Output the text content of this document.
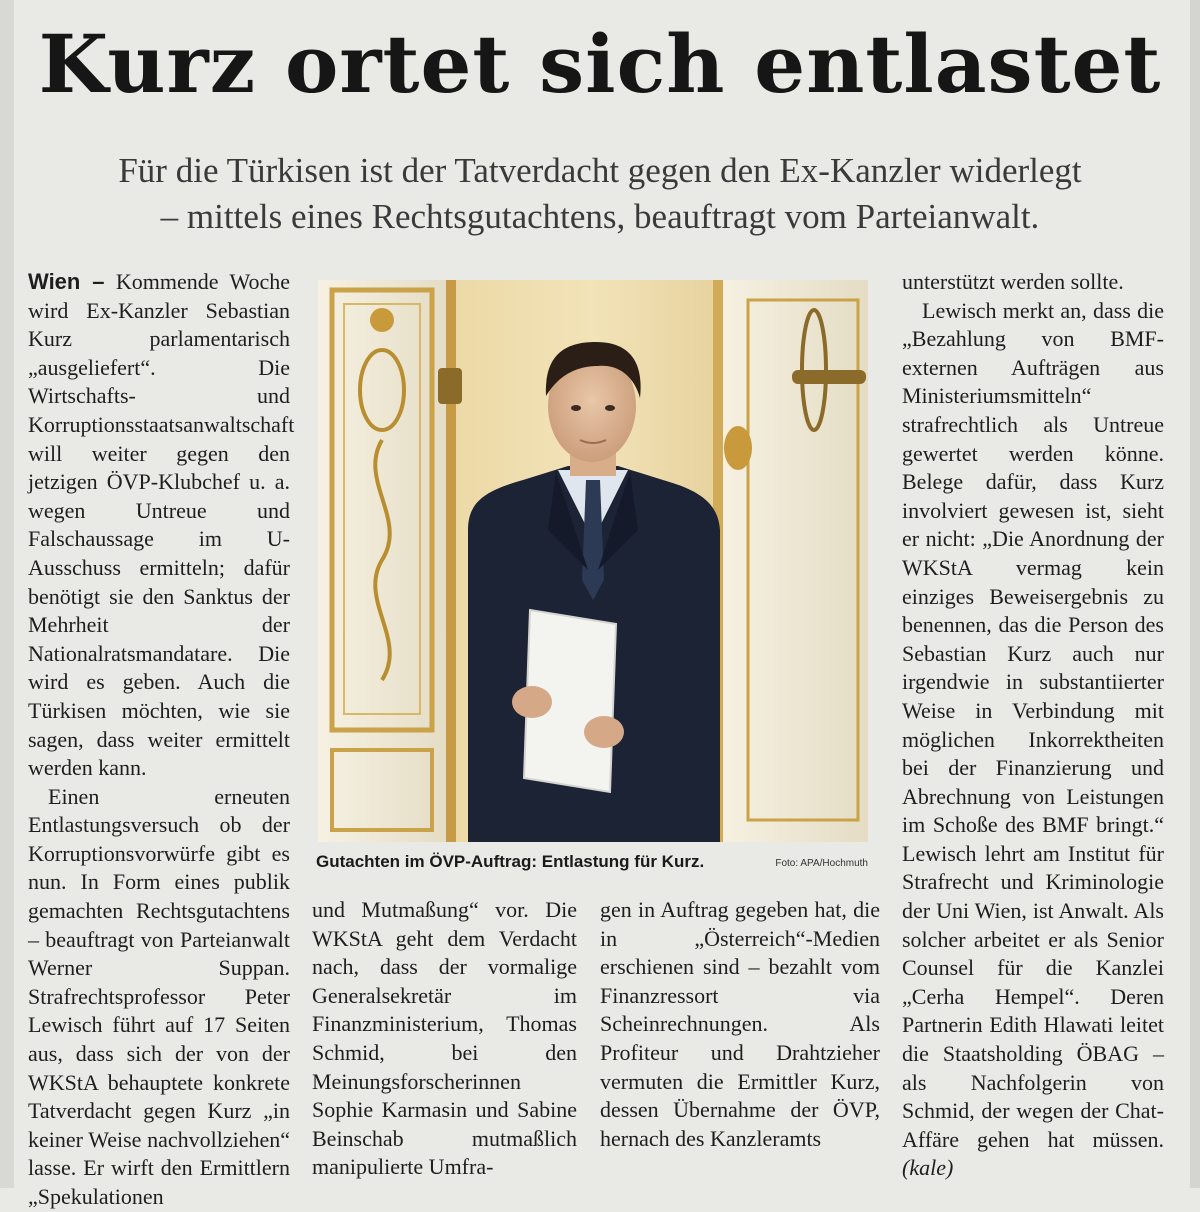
Kurz ortet sich entlastet
Für die Türkisen ist der Tatverdacht gegen den Ex-Kanzler widerlegt
– mittels eines Rechtsgutachtens, beauftragt vom Parteianwalt.

Wien – Kommende Woche wird Ex-Kanzler Sebastian Kurz parlamentarisch „ausgeliefert“. Die Wirtschafts- und Korruptionsstaatsanwaltschaft will weiter gegen den jetzigen ÖVP-Klubchef u. a. wegen Untreue und Falschaussage im U-Ausschuss ermitteln; dafür benötigt sie den Sanktus der Mehrheit der Nationalratsmandatare. Die wird es geben. Auch die Türkisen möchten, wie sie sagen, dass weiter ermittelt werden kann.

Einen erneuten Entlastungsversuch ob der Korruptionsvorwürfe gibt es nun. In Form eines publik gemachten Rechtsgutachtens – beauftragt von Parteianwalt Werner Suppan. Strafrechtsprofessor Peter Lewisch führt auf 17 Seiten aus, dass sich der von der WKStA behauptete konkrete Tatverdacht gegen Kurz „in keiner Weise nachvollziehen“ lasse. Er wirft den Ermittlern „Spekulationen

Gutachten im ÖVP-Auftrag: Entlastung für Kurz.	Foto: APA/Hochmuth

und Mutmaßung“ vor. Die WKStA geht dem Verdacht nach, dass der vormalige Generalsekretär im Finanzministerium, Thomas Schmid, bei den Meinungsforscherinnen Sophie Karmasin und Sabine Beinschab mutmaßlich manipulierte Umfra-

gen in Auftrag gegeben hat, die in „Österreich“-Medien erschienen sind – bezahlt vom Finanzressort via Scheinrechnungen. Als Profiteur und Drahtzieher vermuten die Ermittler Kurz, dessen Übernahme der ÖVP, hernach des Kanzleramts

unterstützt werden sollte.

Lewisch merkt an, dass die „Bezahlung von BMF-externen Aufträgen aus Ministeriumsmitteln“ strafrechtlich als Untreue gewertet werden könne. Belege dafür, dass Kurz involviert gewesen ist, sieht er nicht: „Die Anordnung der WKStA vermag kein einziges Beweisergebnis zu benennen, das die Person des Sebastian Kurz auch nur irgendwie in substantiierter Weise in Verbindung mit möglichen Inkorrektheiten bei der Finanzierung und Abrechnung von Leistungen im Schoße des BMF bringt.“ Lewisch lehrt am Institut für Strafrecht und Kriminologie der Uni Wien, ist Anwalt. Als solcher arbeitet er als Senior Counsel für die Kanzlei „Cerha Hempel“. Deren Partnerin Edith Hlawati leitet die Staatsholding ÖBAG – als Nachfolgerin von Schmid, der wegen der Chat-Affäre gehen hat müssen. (kale)
